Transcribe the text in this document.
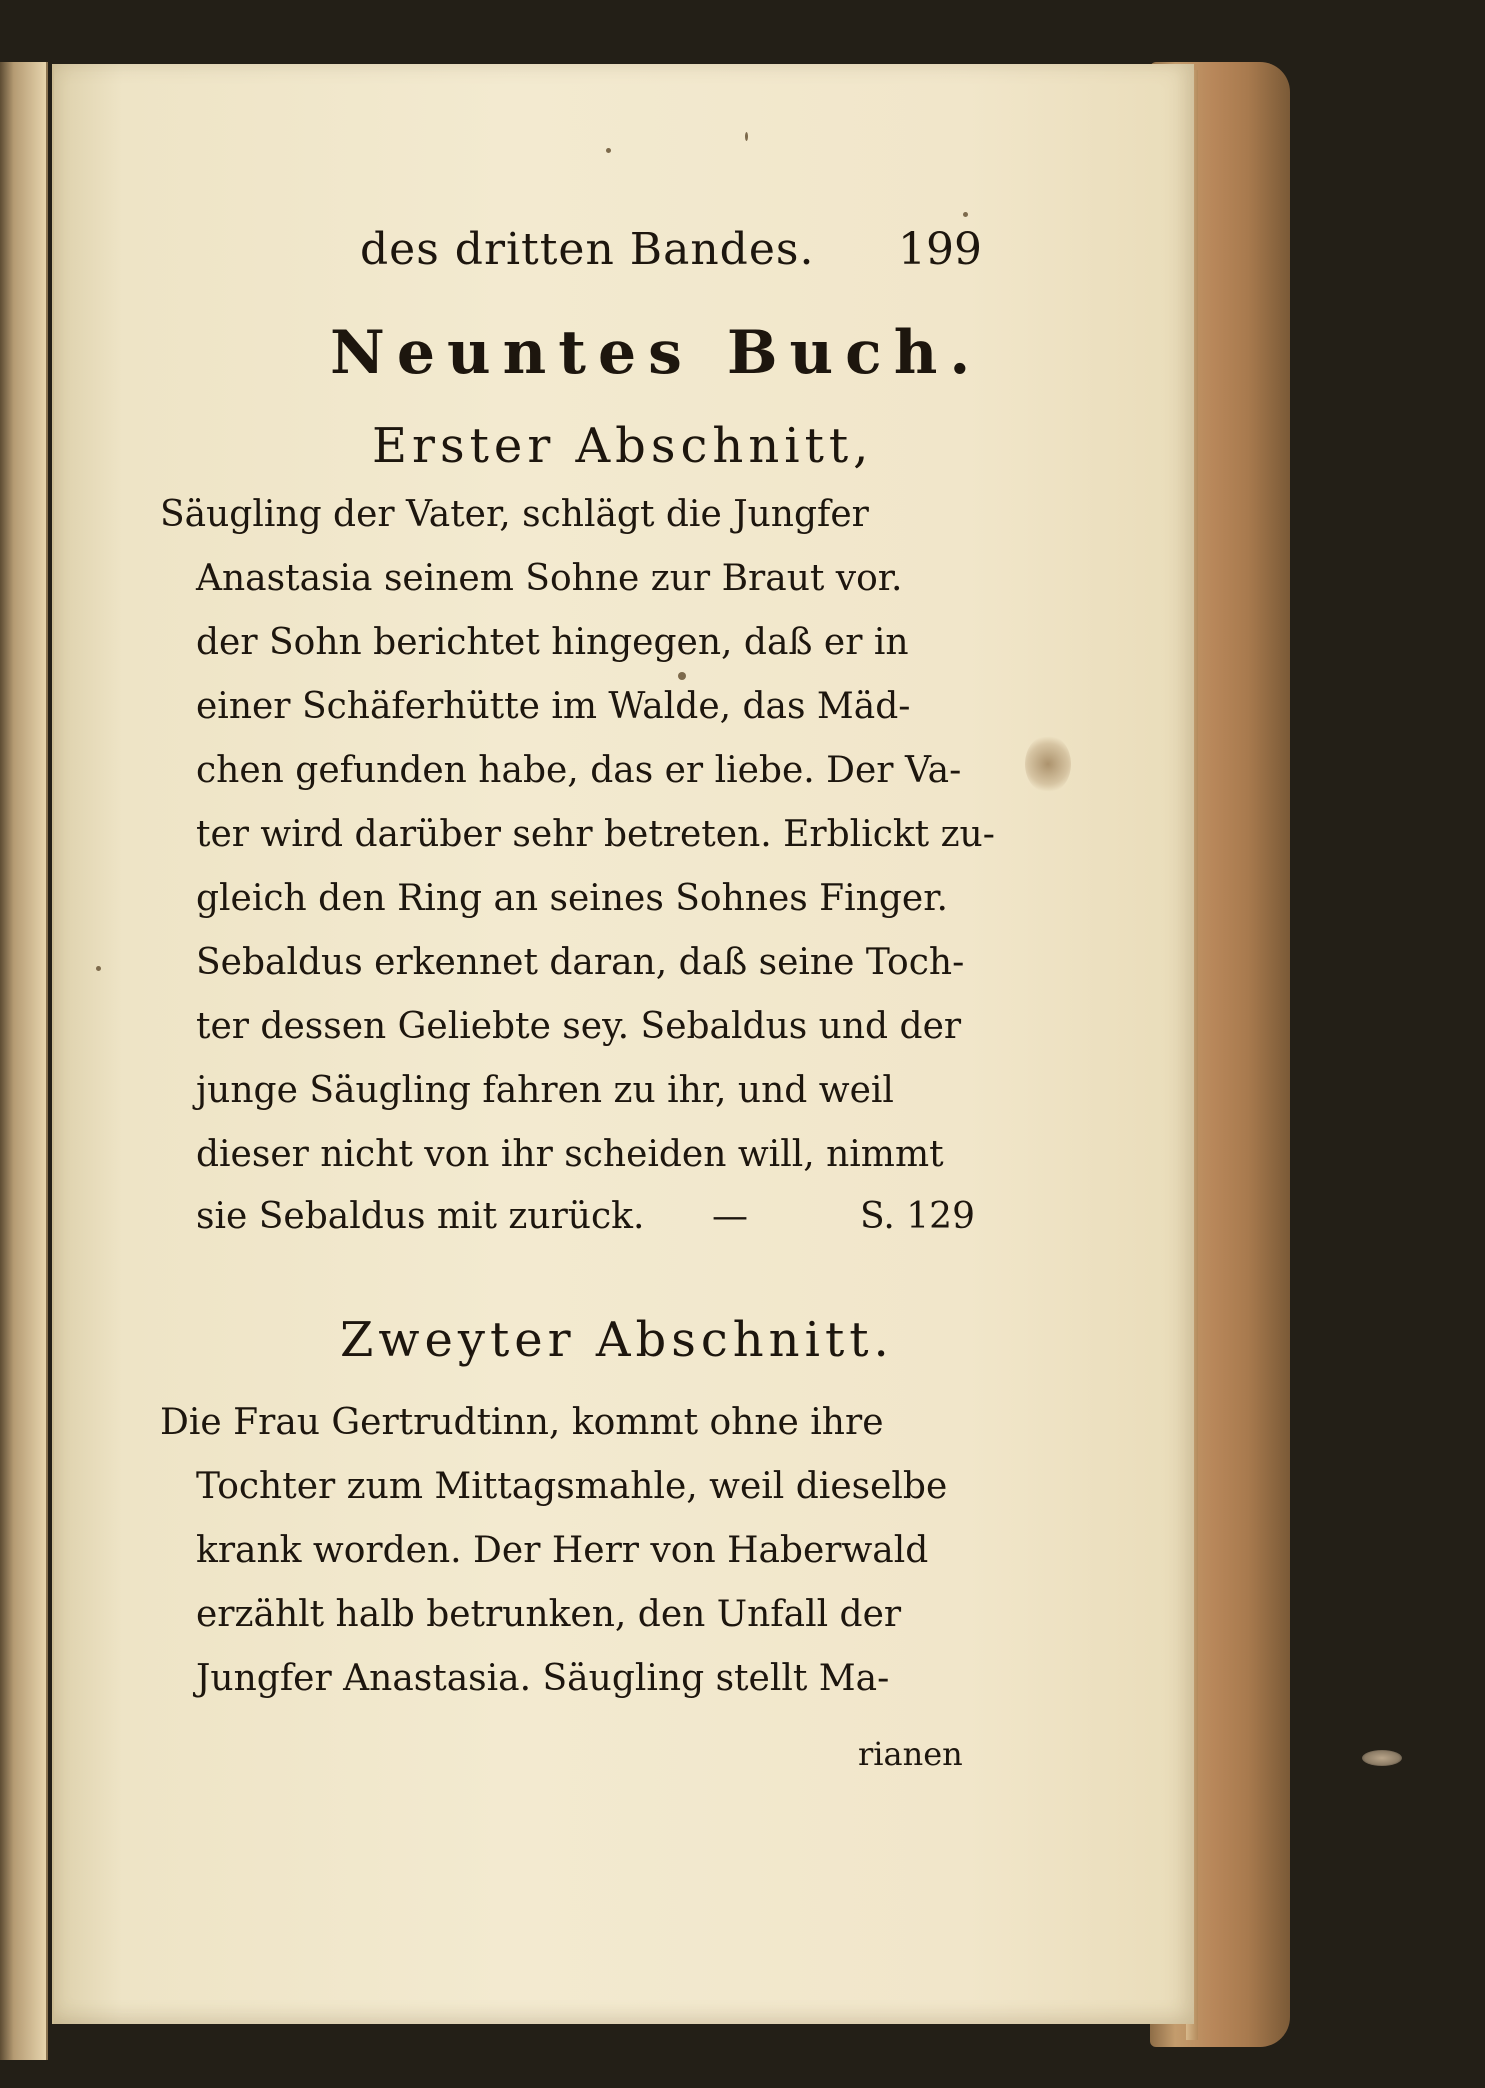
des dritten Bandes. 199
Neuntes Buch.
Erster Abschnitt,
Säugling der Vater, schlägt die Jungfer
Anastasia seinem Sohne zur Braut vor.
der Sohn berichtet hingegen, daß er in
einer Schäferhütte im Walde, das Mäd-
chen gefunden habe, das er liebe. Der Va-
ter wird darüber sehr betreten. Erblickt zu-
gleich den Ring an seines Sohnes Finger.
Sebaldus erkennet daran, daß seine Toch-
ter dessen Geliebte sey. Sebaldus und der
junge Säugling fahren zu ihr, und weil
dieser nicht von ihr scheiden will, nimmt
sie Sebaldus mit zurück. —	S. 129
Zweyter Abschnitt.
Die Frau Gertrudtinn, kommt ohne ihre
Tochter zum Mittagsmahle, weil dieselbe
krank worden. Der Herr von Haberwald
erzählt halb betrunken, den Unfall der
Jungfer Anastasia. Säugling stellt Ma-
rianen
